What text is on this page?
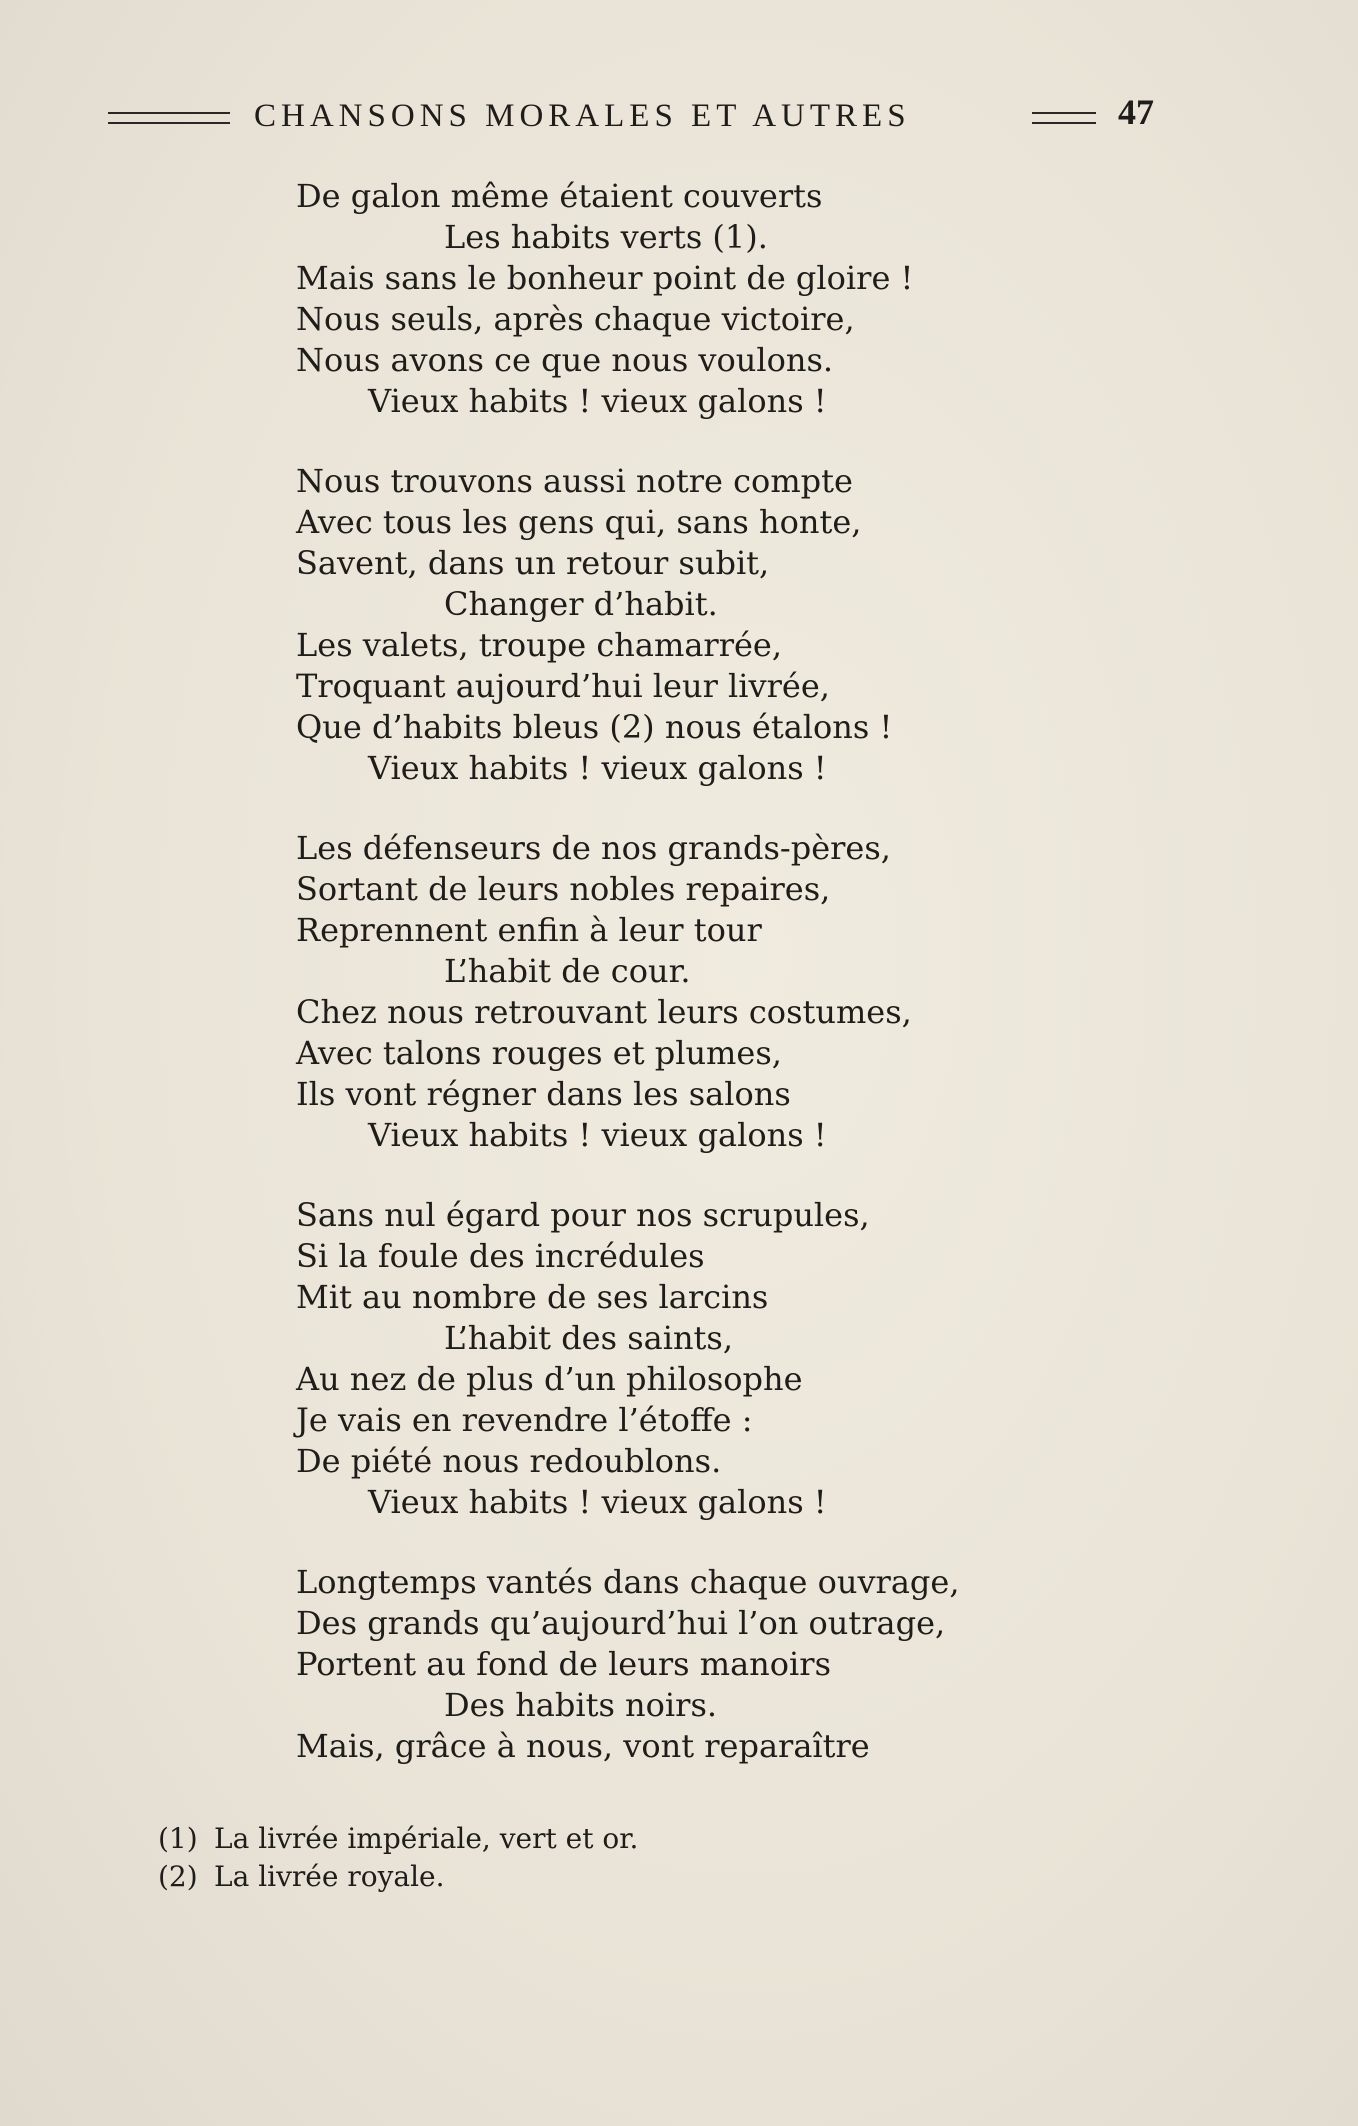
CHANSONS MORALES ET AUTRES	47
De galon même étaient couverts
Les habits verts (1).
Mais sans le bonheur point de gloire !
Nous seuls, après chaque victoire,
Nous avons ce que nous voulons.
Vieux habits ! vieux galons !
Nous trouvons aussi notre compte
Avec tous les gens qui, sans honte,
Savent, dans un retour subit,
Changer d’habit.
Les valets, troupe chamarrée,
Troquant aujourd’hui leur livrée,
Que d’habits bleus (2) nous étalons !
Vieux habits ! vieux galons !
Les défenseurs de nos grands-pères,
Sortant de leurs nobles repaires,
Reprennent enfin à leur tour
L’habit de cour.
Chez nous retrouvant leurs costumes,
Avec talons rouges et plumes,
Ils vont régner dans les salons
Vieux habits ! vieux galons !
Sans nul égard pour nos scrupules,
Si la foule des incrédules
Mit au nombre de ses larcins
L’habit des saints,
Au nez de plus d’un philosophe
Je vais en revendre l’étoffe :
De piété nous redoublons.
Vieux habits ! vieux galons !
Longtemps vantés dans chaque ouvrage,
Des grands qu’aujourd’hui l’on outrage,
Portent au fond de leurs manoirs
Des habits noirs.
Mais, grâce à nous, vont reparaître
(1) La livrée impériale, vert et or.
(2) La livrée royale.
